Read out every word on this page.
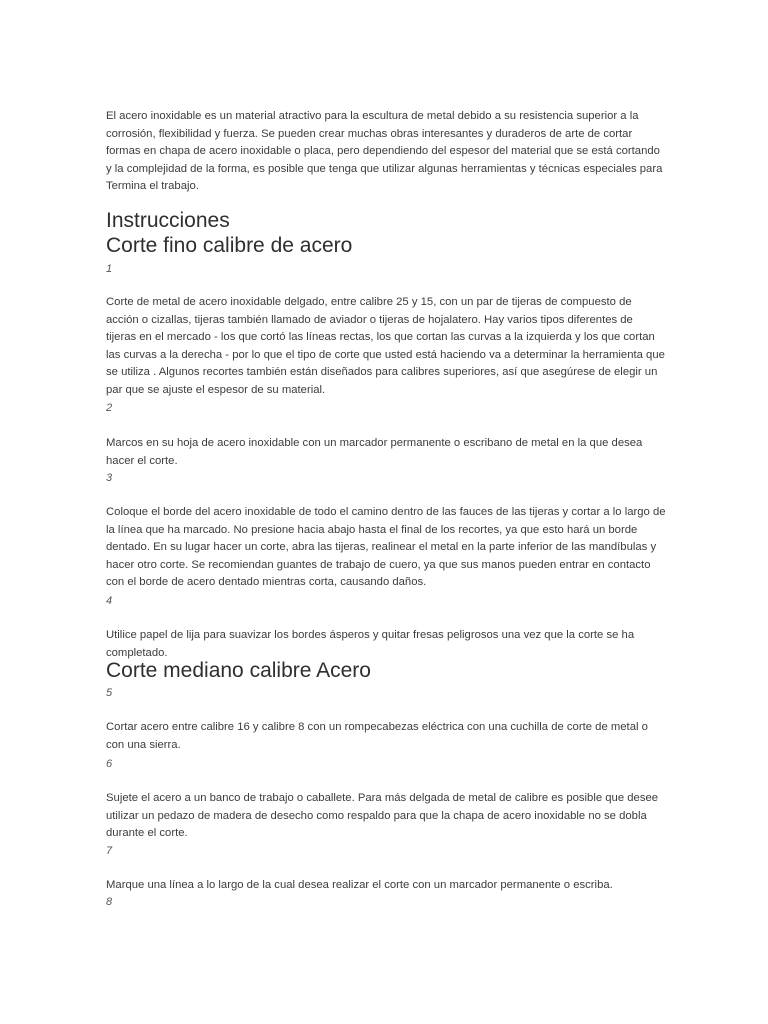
El acero inoxidable es un material atractivo para la escultura de metal debido a su resistencia superior a la corrosión, flexibilidad y fuerza. Se pueden crear muchas obras interesantes y duraderos de arte de cortar formas en chapa de acero inoxidable o placa, pero dependiendo del espesor del material que se está cortando y la complejidad de la forma, es posible que tenga que utilizar algunas herramientas y técnicas especiales para Termina el trabajo.

Instrucciones
Corte fino calibre de acero
1

Corte de metal de acero inoxidable delgado, entre calibre 25 y 15, con un par de tijeras de compuesto de acción o cizallas, tijeras también llamado de aviador o tijeras de hojalatero. Hay varios tipos diferentes de tijeras en el mercado - los que cortó las líneas rectas, los que cortan las curvas a la izquierda y los que cortan las curvas a la derecha - por lo que el tipo de corte que usted está haciendo va a determinar la herramienta que se utiliza . Algunos recortes también están diseñados para calibres superiores, así que asegúrese de elegir un par que se ajuste el espesor de su material.

2

Marcos en su hoja de acero inoxidable con un marcador permanente o escribano de metal en la que desea hacer el corte.

3

Coloque el borde del acero inoxidable de todo el camino dentro de las fauces de las tijeras y cortar a lo largo de la línea que ha marcado. No presione hacia abajo hasta el final de los recortes, ya que esto hará un borde dentado. En su lugar hacer un corte, abra las tijeras, realinear el metal en la parte inferior de las mandíbulas y hacer otro corte. Se recomiendan guantes de trabajo de cuero, ya que sus manos pueden entrar en contacto con el borde de acero dentado mientras corta, causando daños.

4

Utilice papel de lija para suavizar los bordes ásperos y quitar fresas peligrosos una vez que la corte se ha completado.

Corte mediano calibre Acero
5

Cortar acero entre calibre 16 y calibre 8 con un rompecabezas eléctrica con una cuchilla de corte de metal o con una sierra.

6

Sujete el acero a un banco de trabajo o caballete. Para más delgada de metal de calibre es posible que desee utilizar un pedazo de madera de desecho como respaldo para que la chapa de acero inoxidable no se dobla durante el corte.

7

Marque una línea a lo largo de la cual desea realizar el corte con un marcador permanente o escriba.

8
